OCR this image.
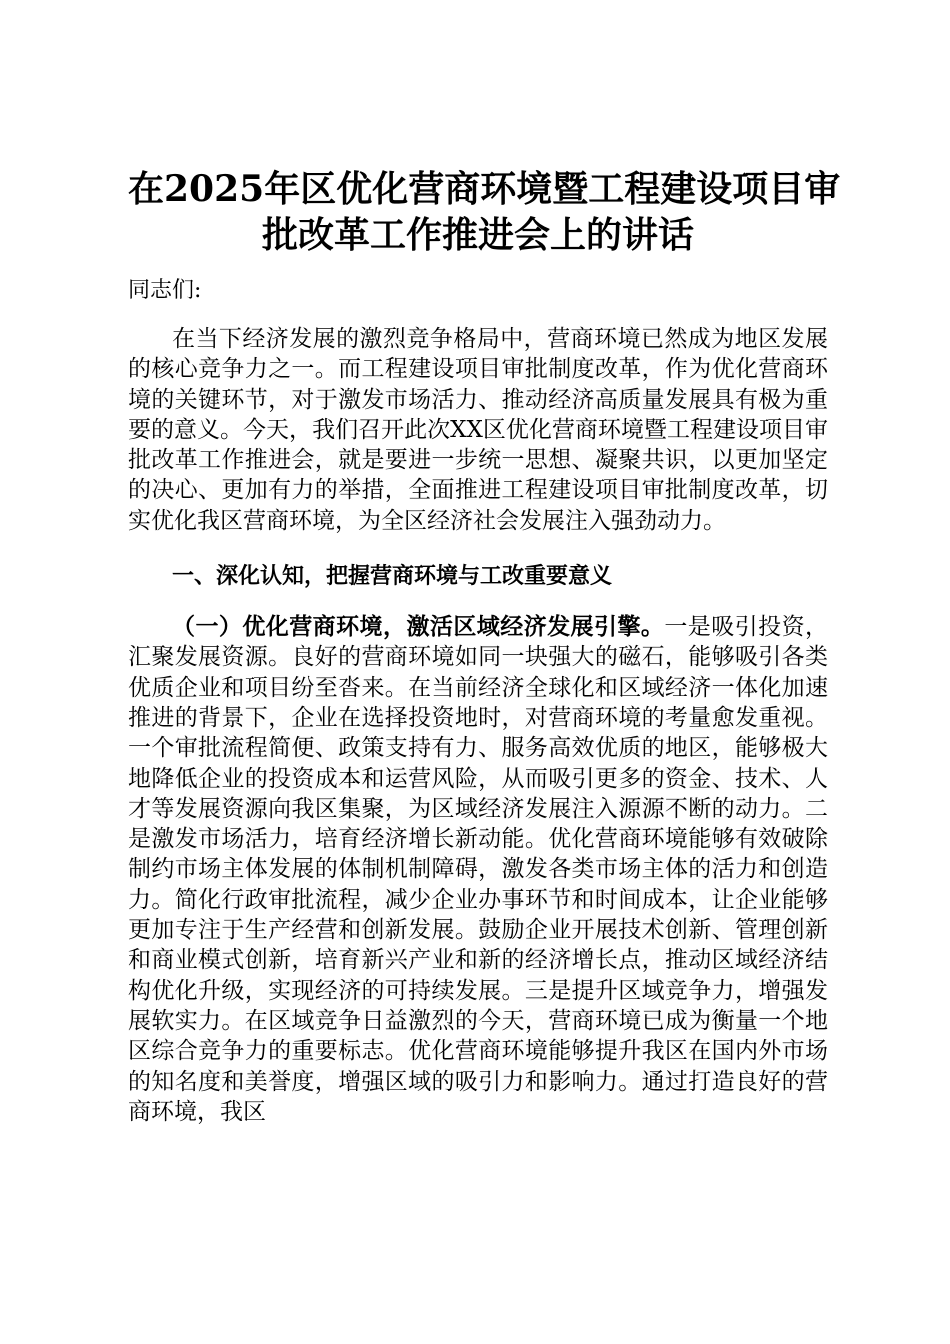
在2025年区优化营商环境暨工程建设项目审
批改革工作推进会上的讲话

同志们:

在当下经济发展的激烈竞争格局中，营商环境已然成为地区发展的核心竞争力之一。而工程建设项目审批制度改革，作为优化营商环境的关键环节，对于激发市场活力、推动经济高质量发展具有极为重要的意义。今天，我们召开此次XX区优化营商环境暨工程建设项目审批改革工作推进会，就是要进一步统一思想、凝聚共识，以更加坚定的决心、更加有力的举措，全面推进工程建设项目审批制度改革，切实优化我区营商环境，为全区经济社会发展注入强劲动力。

一、深化认知，把握营商环境与工改重要意义

（一）优化营商环境，激活区域经济发展引擎。一是吸引投资，汇聚发展资源。良好的营商环境如同一块强大的磁石，能够吸引各类优质企业和项目纷至沓来。在当前经济全球化和区域经济一体化加速推进的背景下，企业在选择投资地时，对营商环境的考量愈发重视。一个审批流程简便、政策支持有力、服务高效优质的地区，能够极大地降低企业的投资成本和运营风险，从而吸引更多的资金、技术、人才等发展资源向我区集聚，为区域经济发展注入源源不断的动力。二是激发市场活力，培育经济增长新动能。优化营商环境能够有效破除制约市场主体发展的体制机制障碍，激发各类市场主体的活力和创造力。简化行政审批流程，减少企业办事环节和时间成本，让企业能够更加专注于生产经营和创新发展。鼓励企业开展技术创新、管理创新和商业模式创新，培育新兴产业和新的经济增长点，推动区域经济结构优化升级，实现经济的可持续发展。三是提升区域竞争力，增强发展软实力。在区域竞争日益激烈的今天，营商环境已成为衡量一个地区综合竞争力的重要标志。优化营商环境能够提升我区在国内外市场的知名度和美誉度，增强区域的吸引力和影响力。通过打造良好的营商环境，我区
